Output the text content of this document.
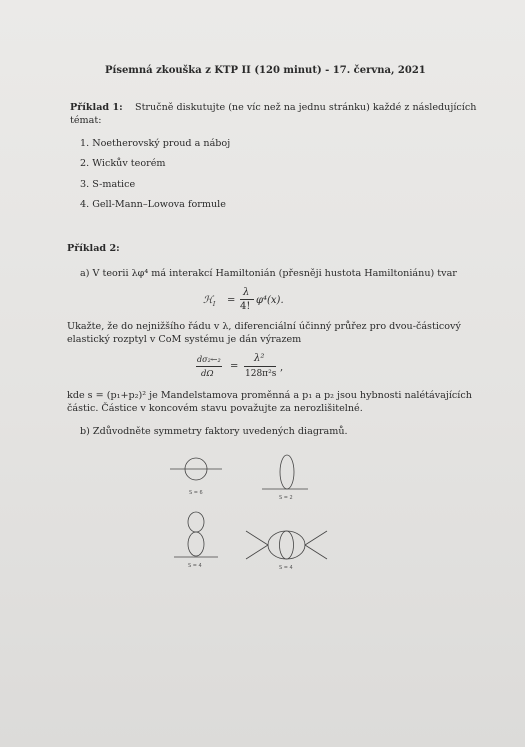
Písemná zkouška z KTP II (120 minut) - 17. června, 2021
Příklad 1: Stručně diskutujte (ne víc než na jednu stránku) každé z následujících
témat:
1. Noetherovský proud a náboj
2. Wickův teorém
3. S-matice
4. Gell-Mann–Lowova formule
Příklad 2:
a) V teorii λφ⁴ má interakcí Hamiltonián (přesněji hustota Hamiltoniánu) tvar
ℋ$_I$ =
λ
4!
φ⁴(x).
Ukažte, že do nejnižšího řádu v λ, diferenciální účinný průřez pro dvou-částicový
elastický rozptyl v CoM systému je dán výrazem
dσ₂←₂
dΩ
=
λ²
128π²s
,
kde s = (p₁+p₂)² je Mandelstamova proměnná a p₁ a p₂ jsou hybnosti nalétávajících
částic. Částice v koncovém stavu považujte za nerozlišitelné.
b) Zdůvodněte symmetry faktory uvedených diagramů.
S = 6
S = 2
S = 4	S = 4
